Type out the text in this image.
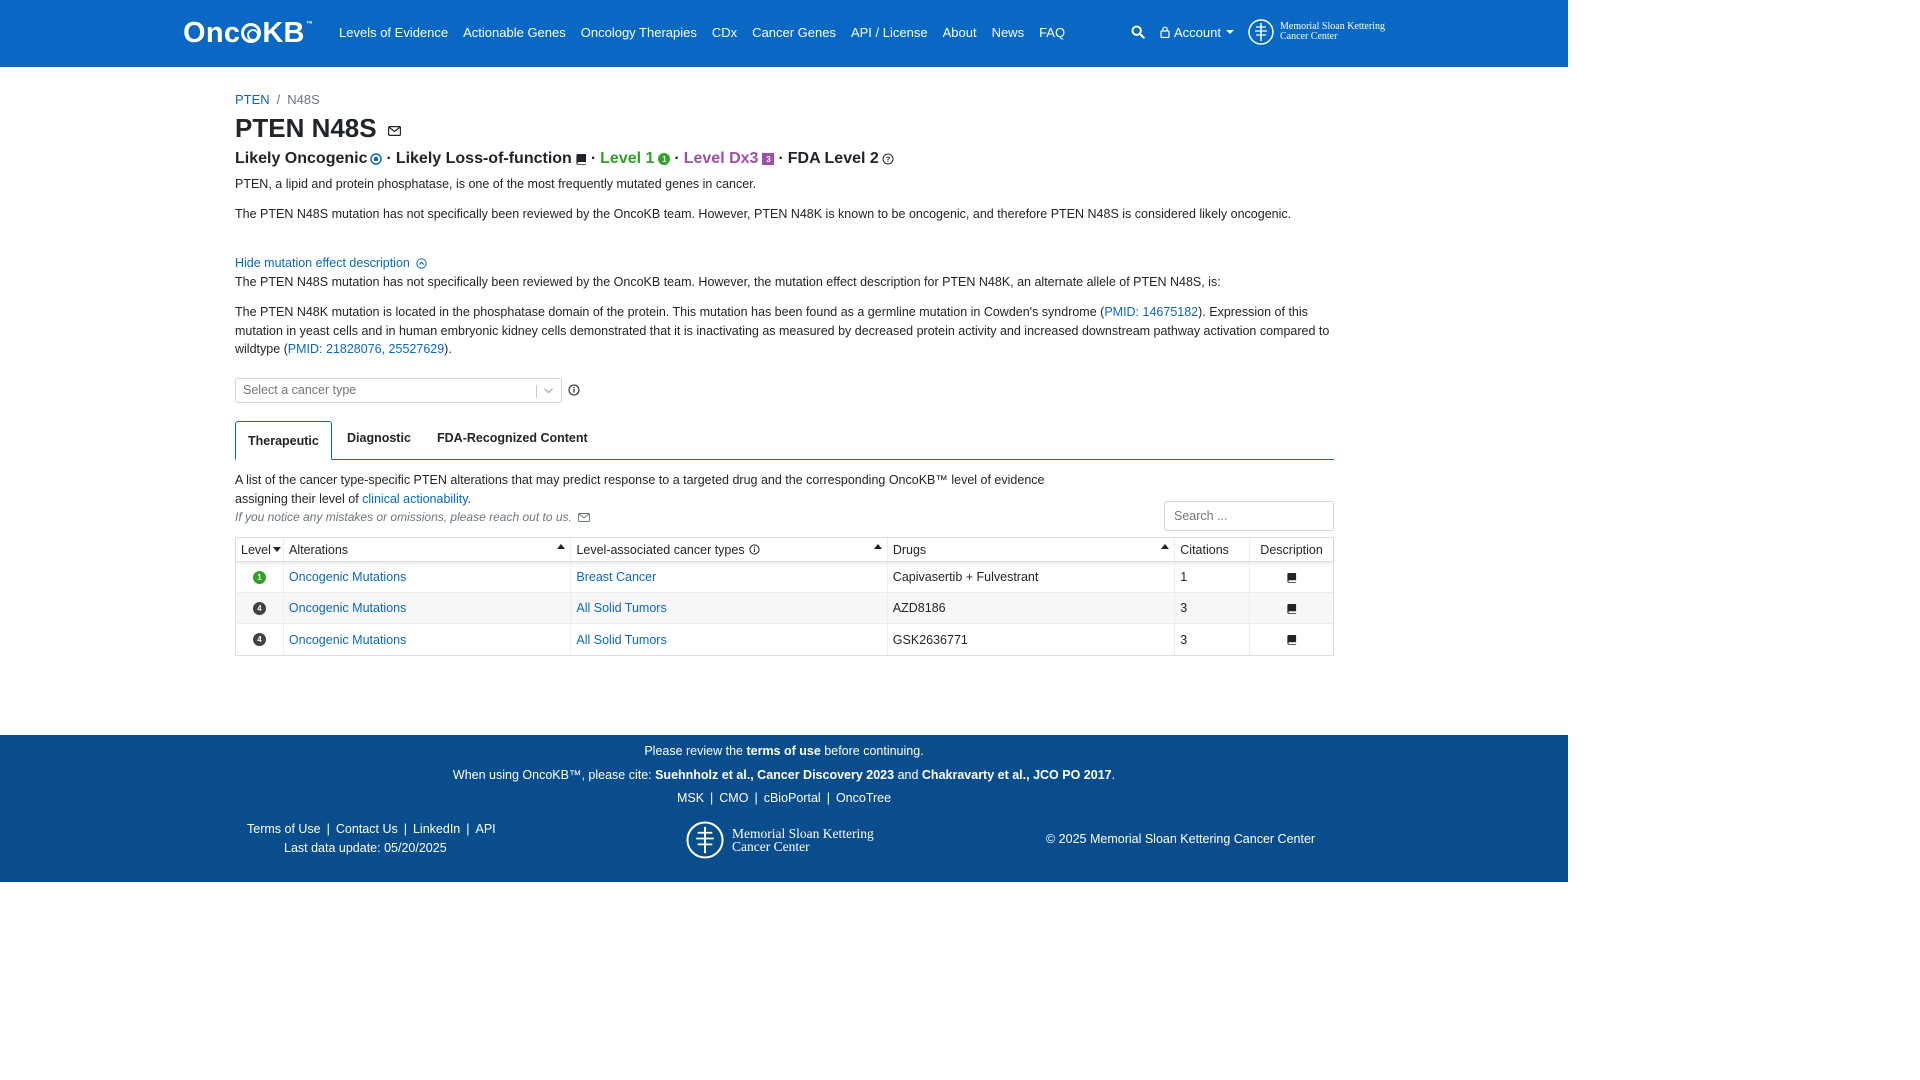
Onc KB™
Levels of Evidence Actionable Genes Oncology Therapies CDx Cancer Genes API / License About News FAQ	Account	Memorial Sloan Kettering
Cancer Center
PTEN / N48S
PTEN N48S
Likely Oncogenic · Likely Loss-of-function · Level 1 1 · Level Dx3 3 · FDA Level 2 ?
PTEN, a lipid and protein phosphatase, is one of the most frequently mutated genes in cancer.
The PTEN N48S mutation has not specifically been reviewed by the OncoKB team. However, PTEN N48K is known to be oncogenic, and therefore PTEN N48S is considered likely oncogenic.
Hide mutation effect description
The PTEN N48S mutation has not specifically been reviewed by the OncoKB team. However, the mutation effect description for PTEN N48K, an alternate allele of PTEN N48S, is:
The PTEN N48K mutation is located in the phosphatase domain of the protein. This mutation has been found as a germline mutation in Cowden's syndrome (PMID: 14675182). Expression of this mutation in yeast cells and in human embryonic kidney cells demonstrated that it is inactivating as measured by decreased protein activity and increased downstream pathway activation compared to wildtype (PMID: 21828076, 25527629).
Select a cancer type
Therapeutic	Diagnostic	FDA-Recognized Content
A list of the cancer type-specific PTEN alterations that may predict response to a targeted drug and the corresponding OncoKB™ level of evidence assigning their level of clinical actionability.
If you notice any mistakes or omissions, please reach out to us.
Search ...
Level Alterations	Level-associated cancer types	Drugs	Citations	Description
1	Oncogenic Mutations	Breast Cancer	Capivasertib + Fulvestrant	1
4	Oncogenic Mutations	All Solid Tumors	AZD8186	3
4	Oncogenic Mutations	All Solid Tumors	GSK2636771	3
Please review the terms of use before continuing.
When using OncoKB™, please cite: Suehnholz et al., Cancer Discovery 2023 and Chakravarty et al., JCO PO 2017.
MSK | CMO | cBioPortal | OncoTree
Terms of Use | Contact Us | LinkedIn | API
Last data update: 05/20/2025
Memorial Sloan Kettering
Cancer Center	© 2025 Memorial Sloan Kettering Cancer Center
